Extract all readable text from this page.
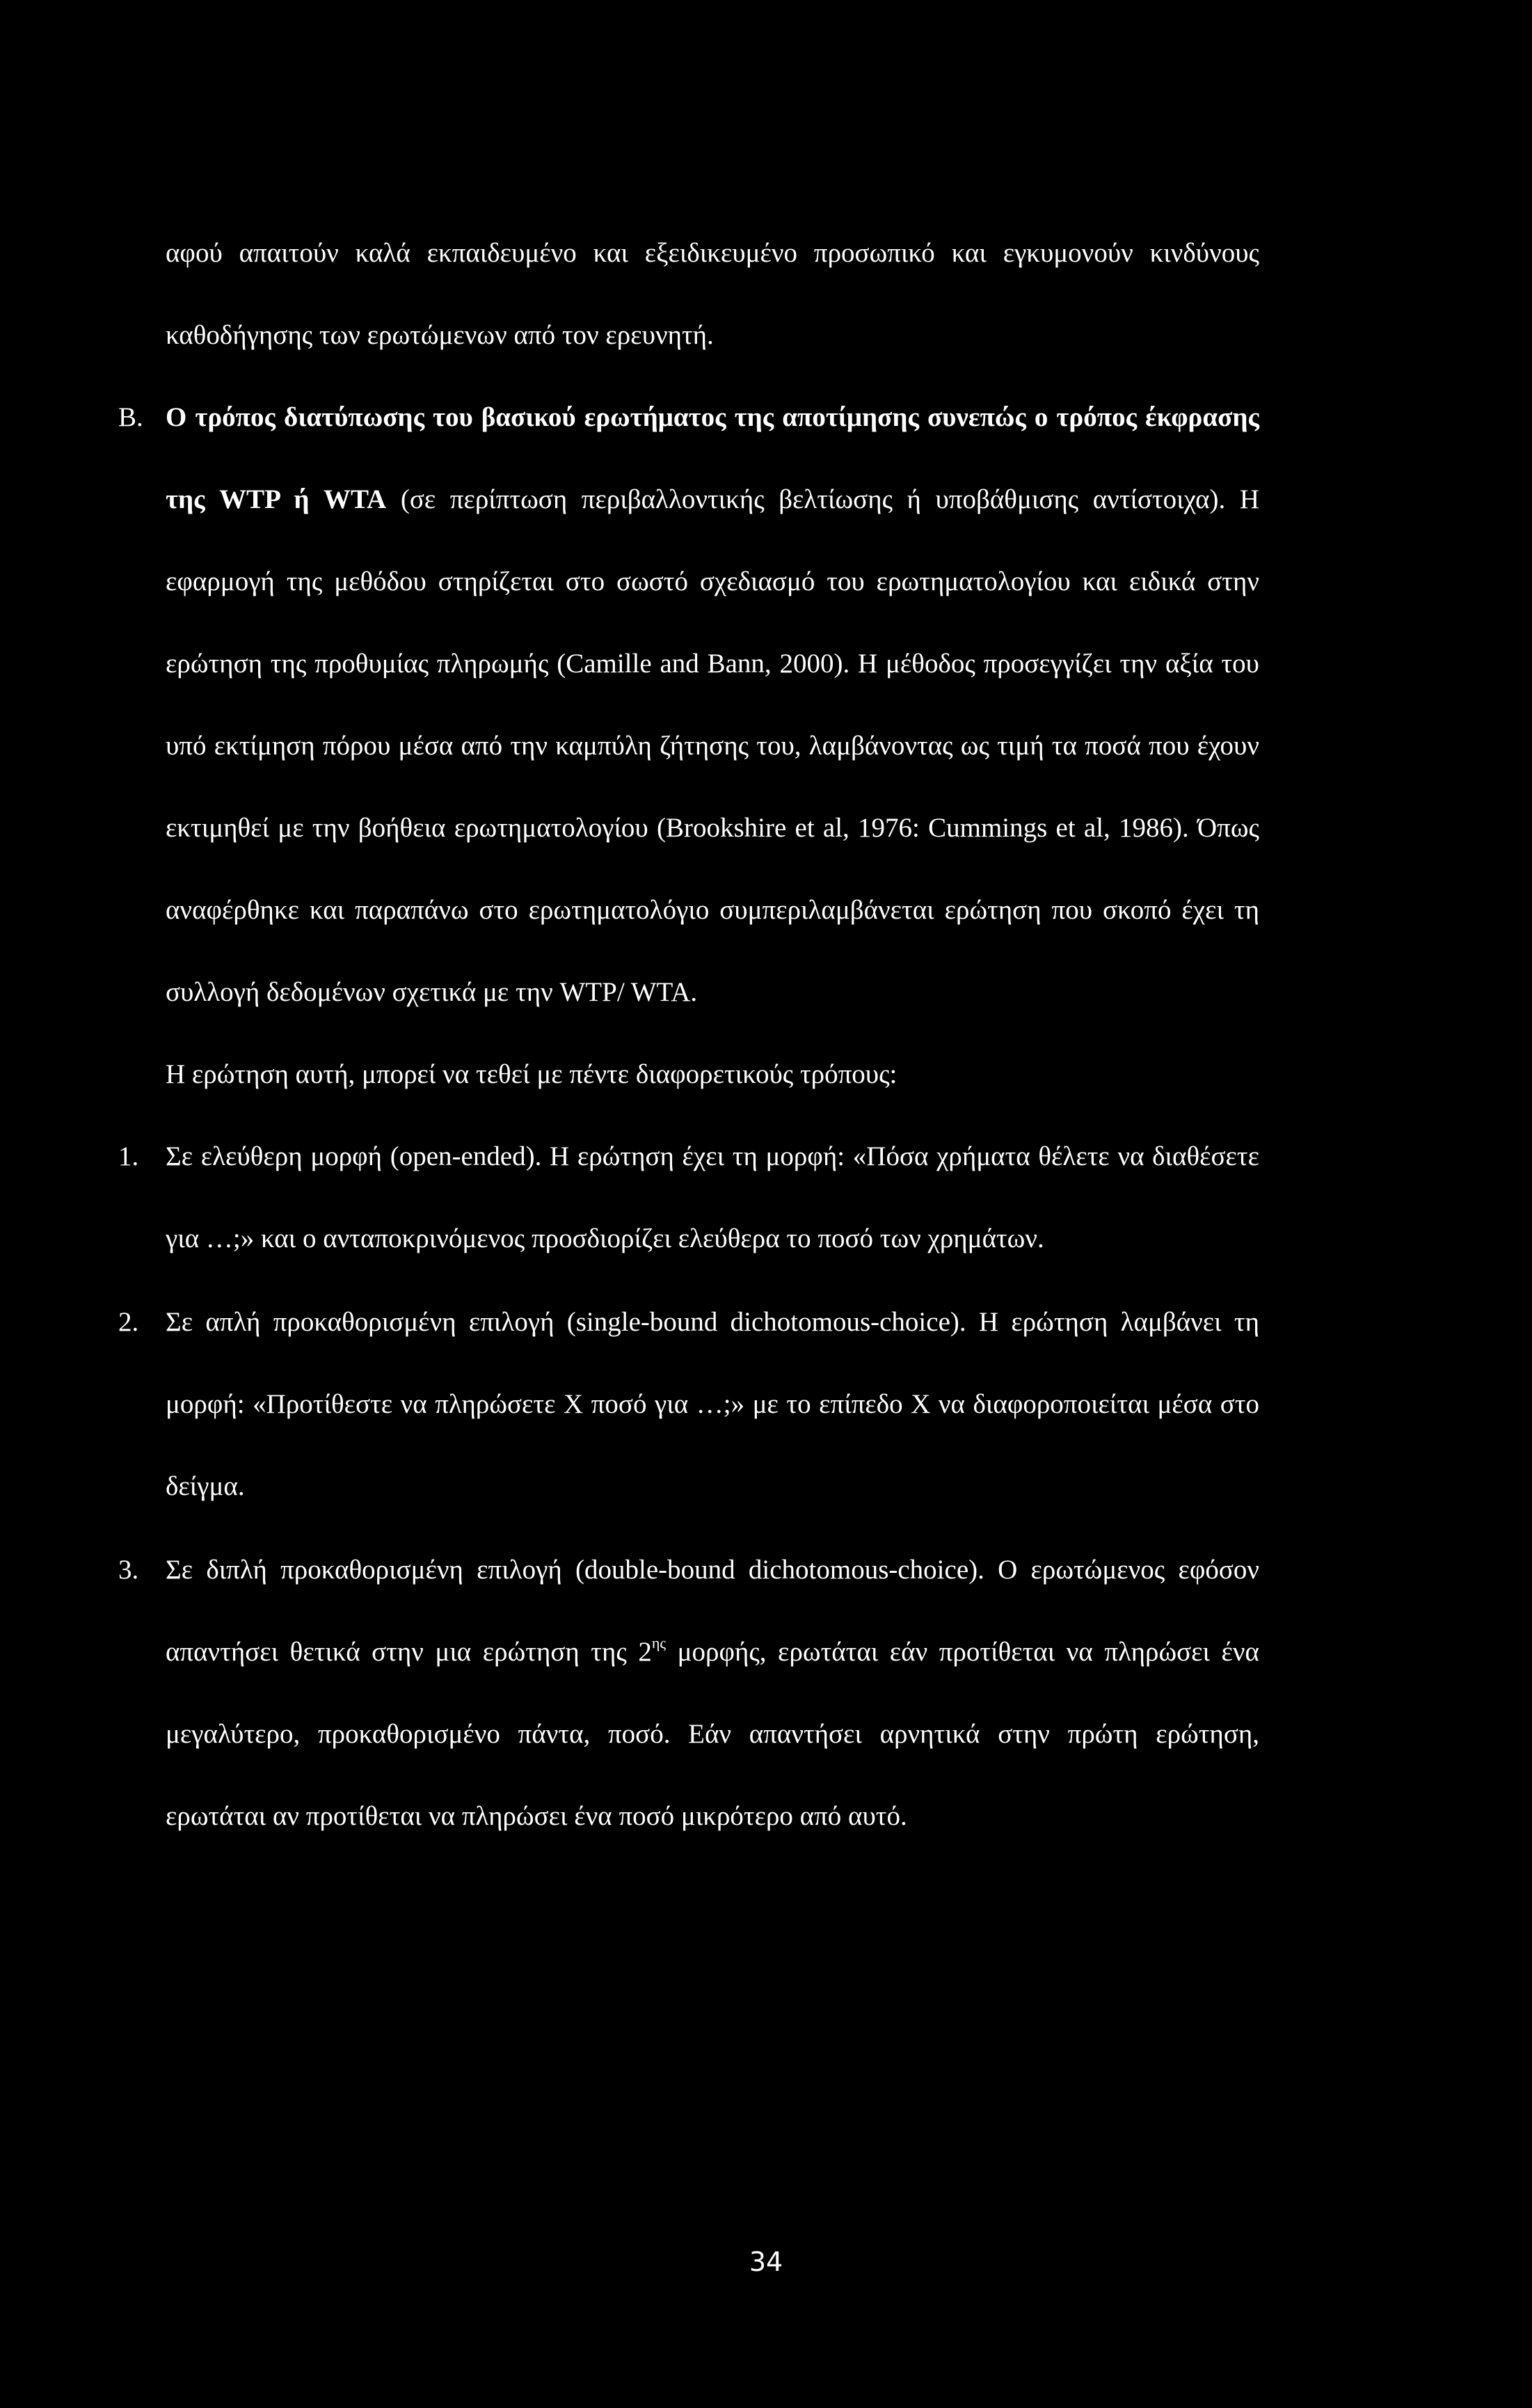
αφού απαιτούν καλά εκπαιδευμένο και εξειδικευμένο προσωπικό και εγκυμονούν κινδύνους καθοδήγησης των ερωτώμενων από τον ερευνητή.

Β. Ο τρόπος διατύπωσης του βασικού ερωτήματος της αποτίμησης συνεπώς ο τρόπος έκφρασης της WTP ή WTA (σε περίπτωση περιβαλλοντικής βελτίωσης ή υποβάθμισης αντίστοιχα). Η εφαρμογή της μεθόδου στηρίζεται στο σωστό σχεδιασμό του ερωτηματολογίου και ειδικά στην ερώτηση της προθυμίας πληρωμής (Camille and Bann, 2000). Η μέθοδος προσεγγίζει την αξία του υπό εκτίμηση πόρου μέσα από την καμπύλη ζήτησης του, λαμβάνοντας ως τιμή τα ποσά που έχουν εκτιμηθεί με την βοήθεια ερωτηματολογίου (Brookshire et al, 1976: Cummings et al, 1986). Όπως αναφέρθηκε και παραπάνω στο ερωτηματολόγιο συμπεριλαμβάνεται ερώτηση που σκοπό έχει τη συλλογή δεδομένων σχετικά με την WTP/ WTA.

Η ερώτηση αυτή, μπορεί να τεθεί με πέντε διαφορετικούς τρόπους:

1. Σε ελεύθερη μορφή (open-ended). Η ερώτηση έχει τη μορφή: «Πόσα χρήματα θέλετε να διαθέσετε για …;» και ο ανταποκρινόμενος προσδιορίζει ελεύθερα το ποσό των χρημάτων.
2. Σε απλή προκαθορισμένη επιλογή (single-bound dichotomous-choice). Η ερώτηση λαμβάνει τη μορφή: «Προτίθεστε να πληρώσετε Χ ποσό για …;» με το επίπεδο Χ να διαφοροποιείται μέσα στο δείγμα.
3. Σε διπλή προκαθορισμένη επιλογή (double-bound dichotomous-choice). Ο ερωτώμενος εφόσον απαντήσει θετικά στην μια ερώτηση της $2^{\eta\varsigma}$ μορφής, ερωτάται εάν προτίθεται να πληρώσει ένα μεγαλύτερο, προκαθορισμένο πάντα, ποσό. Εάν απαντήσει αρνητικά στην πρώτη ερώτηση, ερωτάται αν προτίθεται να πληρώσει ένα ποσό μικρότερο από αυτό.
34
